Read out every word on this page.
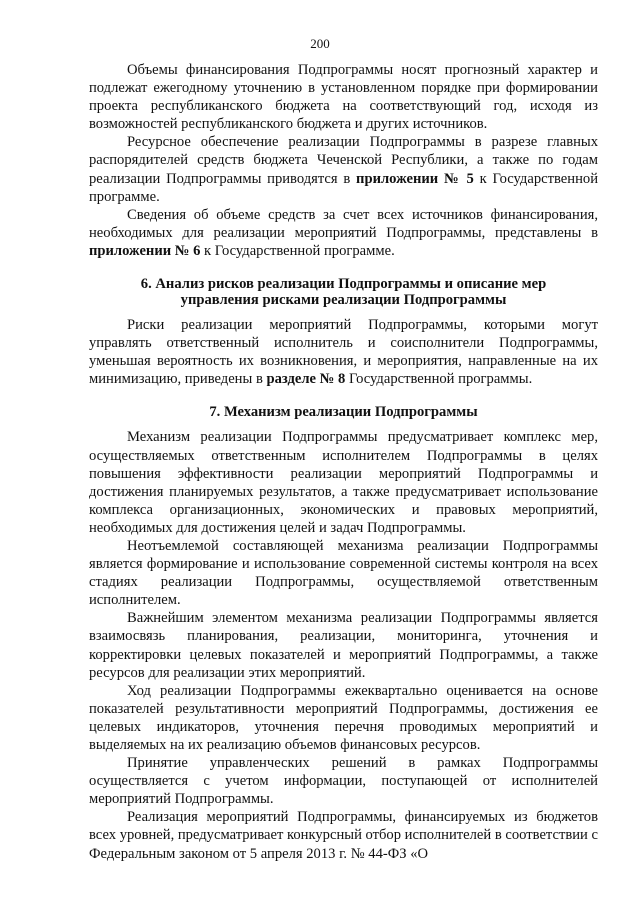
200

Объемы финансирования Подпрограммы носят прогнозный характер и подлежат ежегодному уточнению в установленном порядке при формировании проекта республиканского бюджета на соответствующий год, исходя из возможностей республиканского бюджета и других источников.

Ресурсное обеспечение реализации Подпрограммы в разрезе главных распорядителей средств бюджета Чеченской Республики, а также по годам реализации Подпрограммы приводятся в приложении № 5 к Государственной программе.

Сведения об объеме средств за счет всех источников финансирования, необходимых для реализации мероприятий Подпрограммы, представлены в приложении № 6 к Государственной программе.

6. Анализ рисков реализации Подпрограммы и описание мер
управления рисками реализации Подпрограммы

Риски реализации мероприятий Подпрограммы, которыми могут управлять ответственный исполнитель и соисполнители Подпрограммы, уменьшая вероятность их возникновения, и мероприятия, направленные на их минимизацию, приведены в разделе № 8 Государственной программы.

7. Механизм реализации Подпрограммы

Механизм реализации Подпрограммы предусматривает комплекс мер, осуществляемых ответственным исполнителем Подпрограммы в целях повышения эффективности реализации мероприятий Подпрограммы и достижения планируемых результатов, а также предусматривает использование комплекса организационных, экономических и правовых мероприятий, необходимых для достижения целей и задач Подпрограммы.

Неотъемлемой составляющей механизма реализации Подпрограммы является формирование и использование современной системы контроля на всех стадиях реализации Подпрограммы, осуществляемой ответственным исполнителем.

Важнейшим элементом механизма реализации Подпрограммы является взаимосвязь планирования, реализации, мониторинга, уточнения и корректировки целевых показателей и мероприятий Подпрограммы, а также ресурсов для реализации этих мероприятий.

Ход реализации Подпрограммы ежеквартально оценивается на основе показателей результативности мероприятий Подпрограммы, достижения ее целевых индикаторов, уточнения перечня проводимых мероприятий и выделяемых на их реализацию объемов финансовых ресурсов.

Принятие управленческих решений в рамках Подпрограммы осуществляется с учетом информации, поступающей от исполнителей мероприятий Подпрограммы.

Реализация мероприятий Подпрограммы, финансируемых из бюджетов всех уровней, предусматривает конкурсный отбор исполнителей в соответствии с Федеральным законом от 5 апреля 2013 г. № 44-ФЗ «О
